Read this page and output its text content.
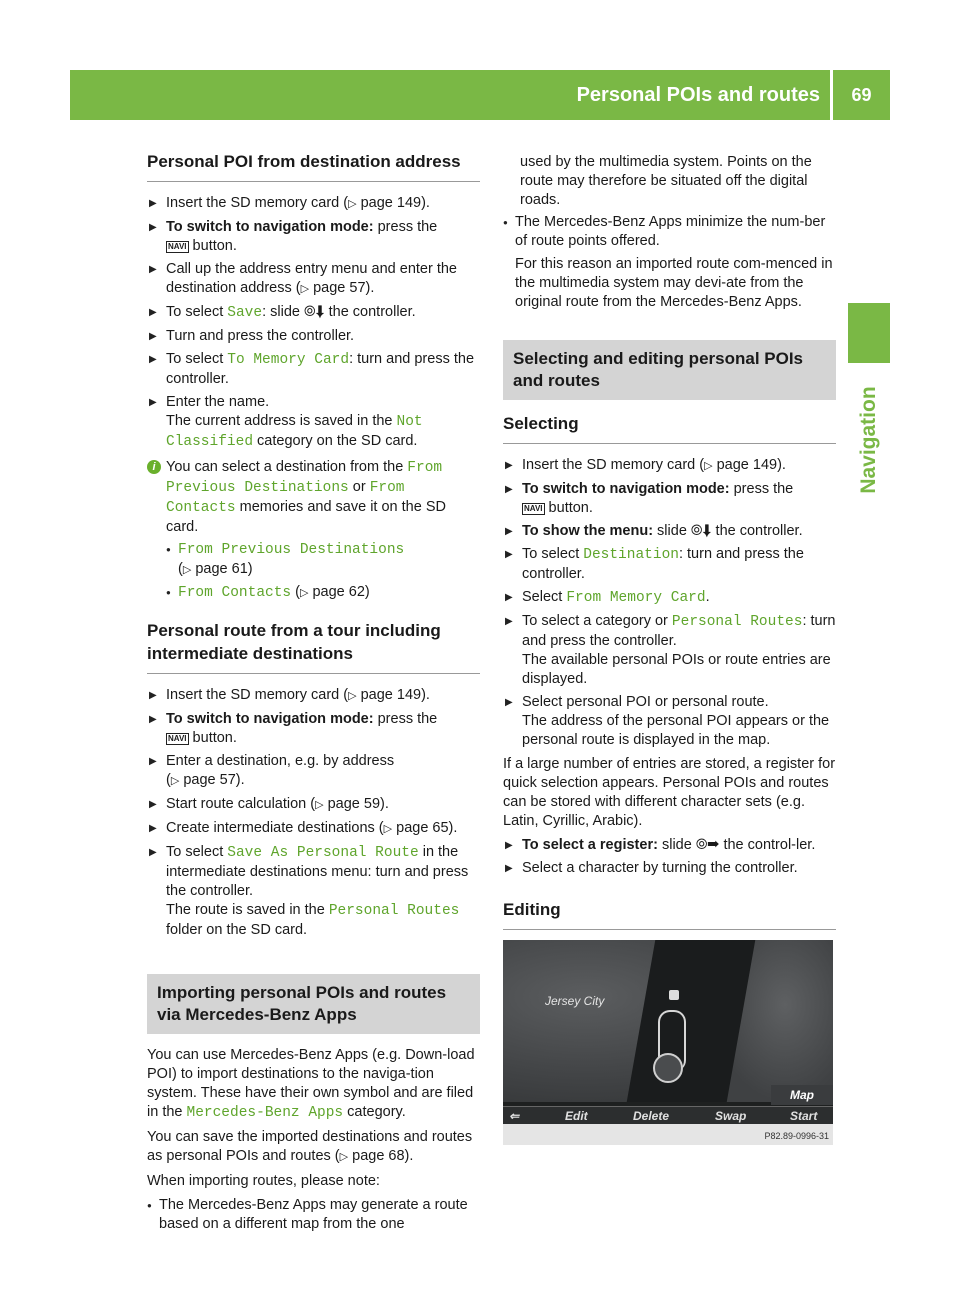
Personal POIs and routes	69
Navigation
Personal POI from destination address
▶ Insert the SD memory card (▷ page 149).
▶ To switch to navigation mode: press the
NAVI button.
▶ Call up the address entry menu and enter the destination address (▷ page 57).
▶ To select Save: slide ⦾⬇ the controller.
▶ Turn and press the controller.
▶ To select To Memory Card: turn and press the controller.
▶ Enter the name.
The current address is saved in the Not Classified category on the SD card.
i You can select a destination from the From Previous Destinations or From Contacts memories and save it on the SD card.
● From Previous Destinations
(▷ page 61)
● From Contacts (▷ page 62)
Personal route from a tour including intermediate destinations
▶ Insert the SD memory card (▷ page 149).
▶ To switch to navigation mode: press the
NAVI button.
▶ Enter a destination, e.g. by address
(▷ page 57).
▶ Start route calculation (▷ page 59).
▶ Create intermediate destinations (▷ page 65).
▶ To select Save As Personal Route in the intermediate destinations menu: turn and press the controller.
The route is saved in the Personal Routes folder on the SD card.
Importing personal POIs and routes via Mercedes-Benz Apps

You can use Mercedes-Benz Apps (e.g. Down-load POI) to import destinations to the naviga-tion system. These have their own symbol and are filed in the Mercedes-Benz Apps category.

You can save the imported destinations and routes as personal POIs and routes (▷ page 68).

When importing routes, please note:

● The Mercedes-Benz Apps may generate a route based on a different map from the one
used by the multimedia system. Points on the route may therefore be situated off the digital roads.
● The Mercedes-Benz Apps minimize the num-ber of route points offered.

For this reason an imported route com-menced in the multimedia system may devi-ate from the original route from the Mercedes-Benz Apps.

Selecting and editing personal POIs and routes
Selecting
▶ Insert the SD memory card (▷ page 149).
▶ To switch to navigation mode: press the
NAVI button.
▶ To show the menu: slide ⦾⬇ the controller.
▶ To select Destination: turn and press the controller.
▶ Select From Memory Card.
▶ To select a category or Personal Routes: turn and press the controller.
The available personal POIs or route entries are displayed.
▶ Select personal POI or personal route.
The address of the personal POI appears or the personal route is displayed in the map.

If a large number of entries are stored, a register for quick selection appears. Personal POIs and routes can be stored with different character sets (e.g. Latin, Cyrillic, Arabic).

▶ To select a register: slide ⦾➡ the control-ler.
▶ Select a character by turning the controller.
Editing
Jersey City
Map
⇐	Edit	Delete	Swap	Start
P82.89-0996-31
